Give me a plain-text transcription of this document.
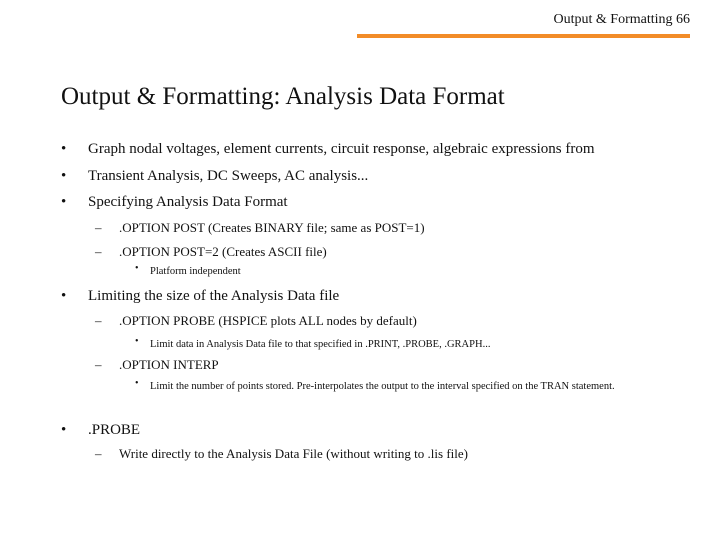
Output & Formatting 66
Output & Formatting: Analysis Data Format
• Graph nodal voltages, element currents, circuit response, algebraic expressions from
• Transient Analysis, DC Sweeps, AC analysis...
• Specifying Analysis Data Format
– .OPTION POST (Creates BINARY file; same as POST=1)
– .OPTION POST=2 (Creates ASCII file)
• Platform independent
• Limiting the size of the Analysis Data file
– .OPTION PROBE (HSPICE plots ALL nodes by default)
• Limit data in Analysis Data file to that specified in .PRINT, .PROBE, .GRAPH...
– .OPTION INTERP
• Limit the number of points stored. Pre-interpolates the output to the interval specified on the TRAN statement.
• .PROBE
– Write directly to the Analysis Data File (without writing to .lis file)
